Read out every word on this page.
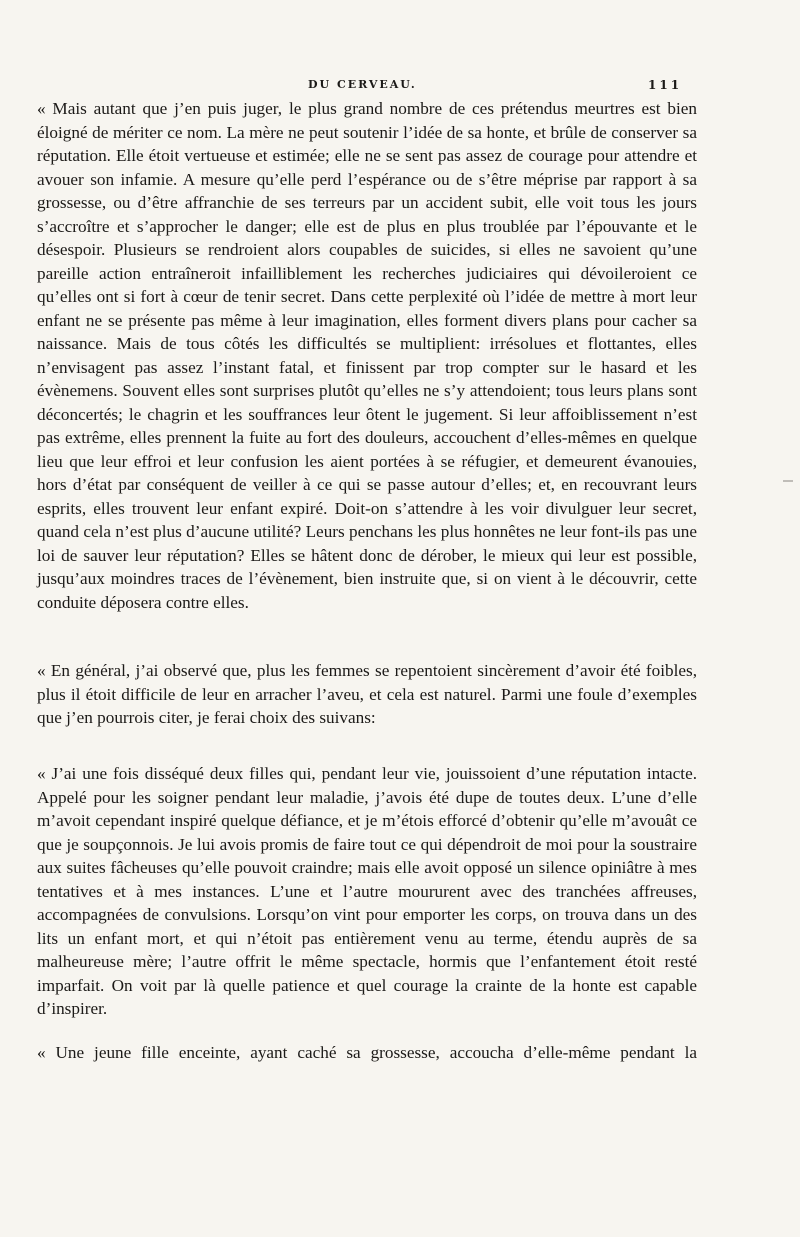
DU CERVEAU.	111

« Mais autant que j’en puis juger, le plus grand nombre de ces prétendus meurtres est bien éloigné de mériter ce nom. La mère ne peut soutenir l’idée de sa honte, et brûle de conserver sa réputation. Elle étoit vertueuse et estimée; elle ne se sent pas assez de courage pour attendre et avouer son infamie. A mesure qu’elle perd l’espérance ou de s’être méprise par rapport à sa grossesse, ou d’être affranchie de ses terreurs par un accident subit, elle voit tous les jours s’accroître et s’approcher le danger; elle est de plus en plus troublée par l’épouvante et le désespoir. Plusieurs se rendroient alors coupables de suicides, si elles ne savoient qu’une pareille action entraîneroit infailliblement les recherches judiciaires qui dévoileroient ce qu’elles ont si fort à cœur de tenir secret. Dans cette perplexité où l’idée de mettre à mort leur enfant ne se présente pas même à leur imagination, elles forment divers plans pour cacher sa naissance. Mais de tous côtés les difficultés se multiplient: irrésolues et flottantes, elles n’envisagent pas assez l’instant fatal, et finissent par trop compter sur le hasard et les évènemens. Souvent elles sont surprises plutôt qu’elles ne s’y attendoient; tous leurs plans sont déconcertés; le chagrin et les souffrances leur ôtent le jugement. Si leur affoiblissement n’est pas extrême, elles prennent la fuite au fort des douleurs, accouchent d’elles-mêmes en quelque lieu que leur effroi et leur confusion les aient portées à se réfugier, et demeurent évanouies, hors d’état par conséquent de veiller à ce qui se passe autour d’elles; et, en recouvrant leurs esprits, elles trouvent leur enfant expiré. Doit-on s’attendre à les voir divulguer leur secret, quand cela n’est plus d’aucune utilité? Leurs penchans les plus honnêtes ne leur font-ils pas une loi de sauver leur réputation? Elles se hâtent donc de dérober, le mieux qui leur est possible, jusqu’aux moindres traces de l’évènement, bien instruite que, si on vient à le découvrir, cette conduite déposera contre elles.

« En général, j’ai observé que, plus les femmes se repentoient sincèrement d’avoir été foibles, plus il étoit difficile de leur en arracher l’aveu, et cela est naturel. Parmi une foule d’exemples que j’en pourrois citer, je ferai choix des suivans:

« J’ai une fois disséqué deux filles qui, pendant leur vie, jouissoient d’une réputation intacte. Appelé pour les soigner pendant leur maladie, j’avois été dupe de toutes deux. L’une d’elle m’avoit cependant inspiré quelque défiance, et je m’étois efforcé d’obtenir qu’elle m’avouât ce que je soupçonnois. Je lui avois promis de faire tout ce qui dépendroit de moi pour la soustraire aux suites fâcheuses qu’elle pouvoit craindre; mais elle avoit opposé un silence opiniâtre à mes tentatives et à mes instances. L’une et l’autre moururent avec des tranchées affreuses, accompagnées de convulsions. Lorsqu’on vint pour emporter les corps, on trouva dans un des lits un enfant mort, et qui n’étoit pas entièrement venu au terme, étendu auprès de sa malheureuse mère; l’autre offrit le même spectacle, hormis que l’enfantement étoit resté imparfait. On voit par là quelle patience et quel courage la crainte de la honte est capable d’inspirer.

« Une jeune fille enceinte, ayant caché sa grossesse, accoucha d’elle-même pendant la
